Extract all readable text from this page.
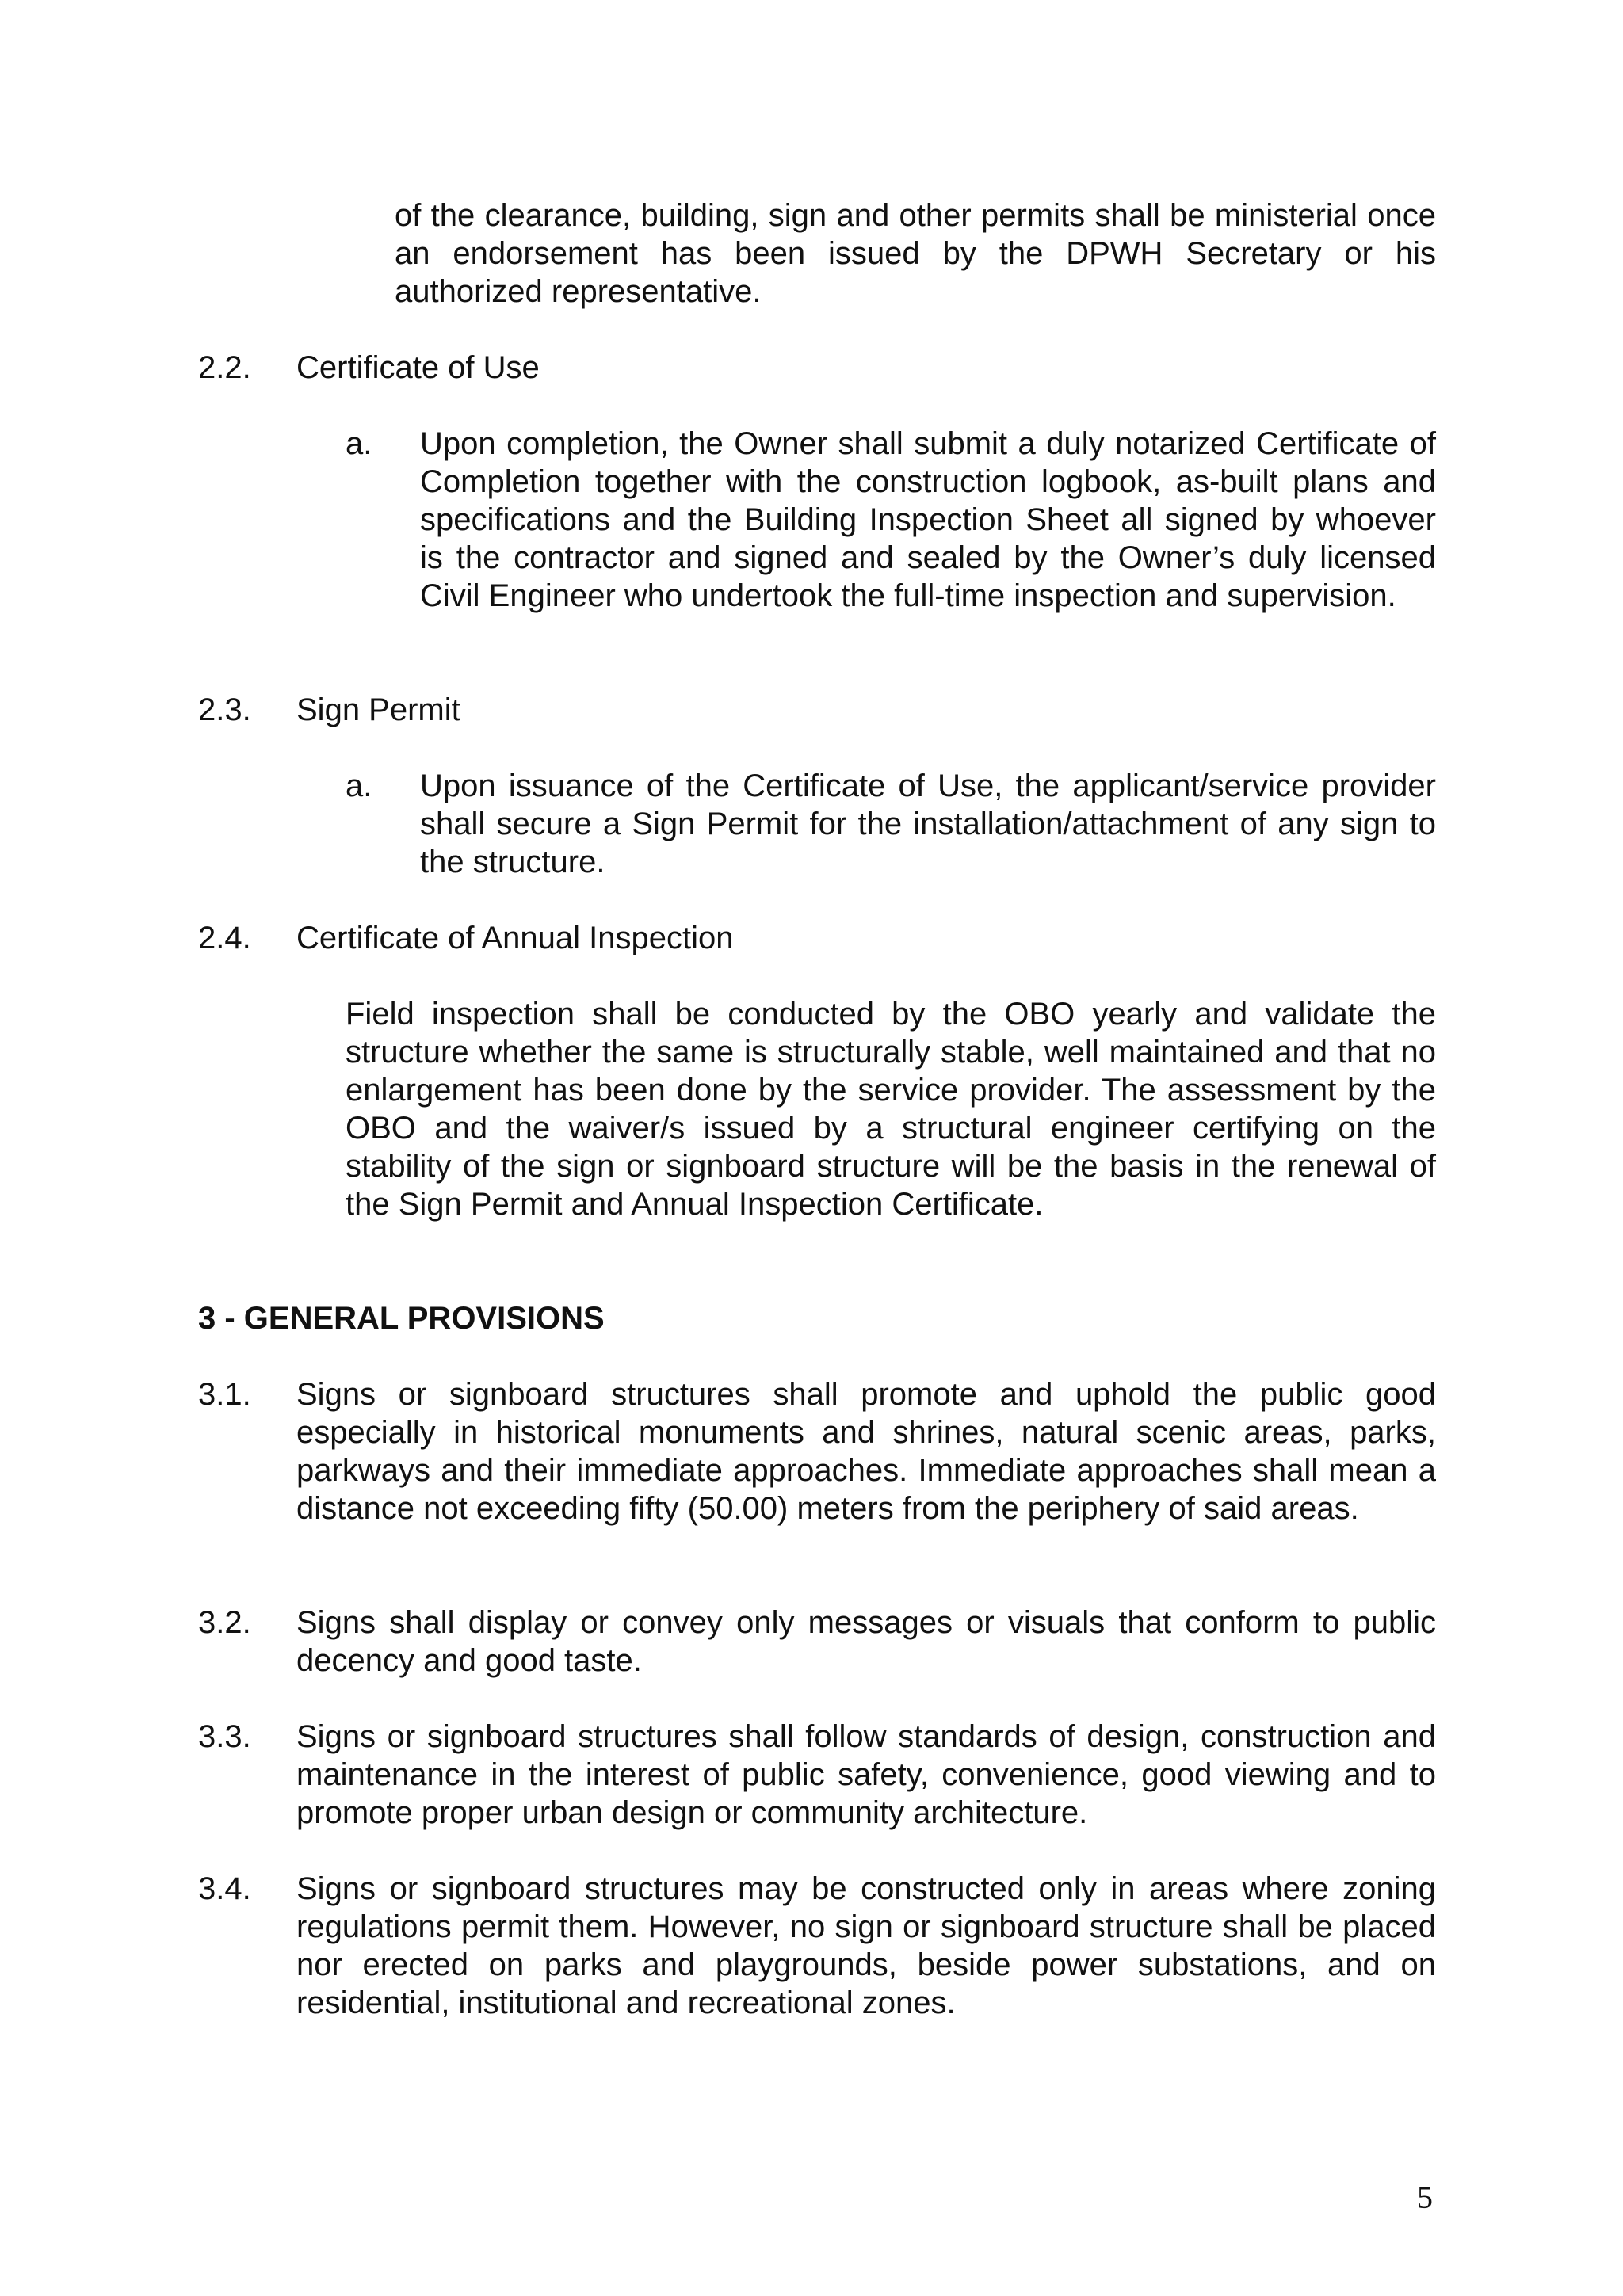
of the clearance, building, sign and other permits shall be ministerial once an endorsement has been issued by the DPWH Secretary or his authorized representative.

2.2. Certificate of Use

a. Upon completion, the Owner shall submit a duly notarized Certificate of Completion together with the construction logbook, as-built plans and specifications and the Building Inspection Sheet all signed by whoever is the contractor and signed and sealed by the Owner’s duly licensed Civil Engineer who undertook the full-time inspection and supervision.

2.3. Sign Permit

a. Upon issuance of the Certificate of Use, the applicant/service provider shall secure a Sign Permit for the installation/attachment of any sign to the structure.

2.4. Certificate of Annual Inspection

Field inspection shall be conducted by the OBO yearly and validate the structure whether the same is structurally stable, well maintained and that no enlargement has been done by the service provider. The assessment by the OBO and the waiver/s issued by a structural engineer certifying on the stability of the sign or signboard structure will be the basis in the renewal of the Sign Permit and Annual Inspection Certificate.

3 - GENERAL PROVISIONS

3.1. Signs or signboard structures shall promote and uphold the public good especially in historical monuments and shrines, natural scenic areas, parks, parkways and their immediate approaches. Immediate approaches shall mean a distance not exceeding fifty (50.00) meters from the periphery of said areas.

3.2. Signs shall display or convey only messages or visuals that conform to public decency and good taste.

3.3. Signs or signboard structures shall follow standards of design, construction and maintenance in the interest of public safety, convenience, good viewing and to promote proper urban design or community architecture.

3.4. Signs or signboard structures may be constructed only in areas where zoning regulations permit them. However, no sign or signboard structure shall be placed nor erected on parks and playgrounds, beside power substations, and on residential, institutional and recreational zones.

5
